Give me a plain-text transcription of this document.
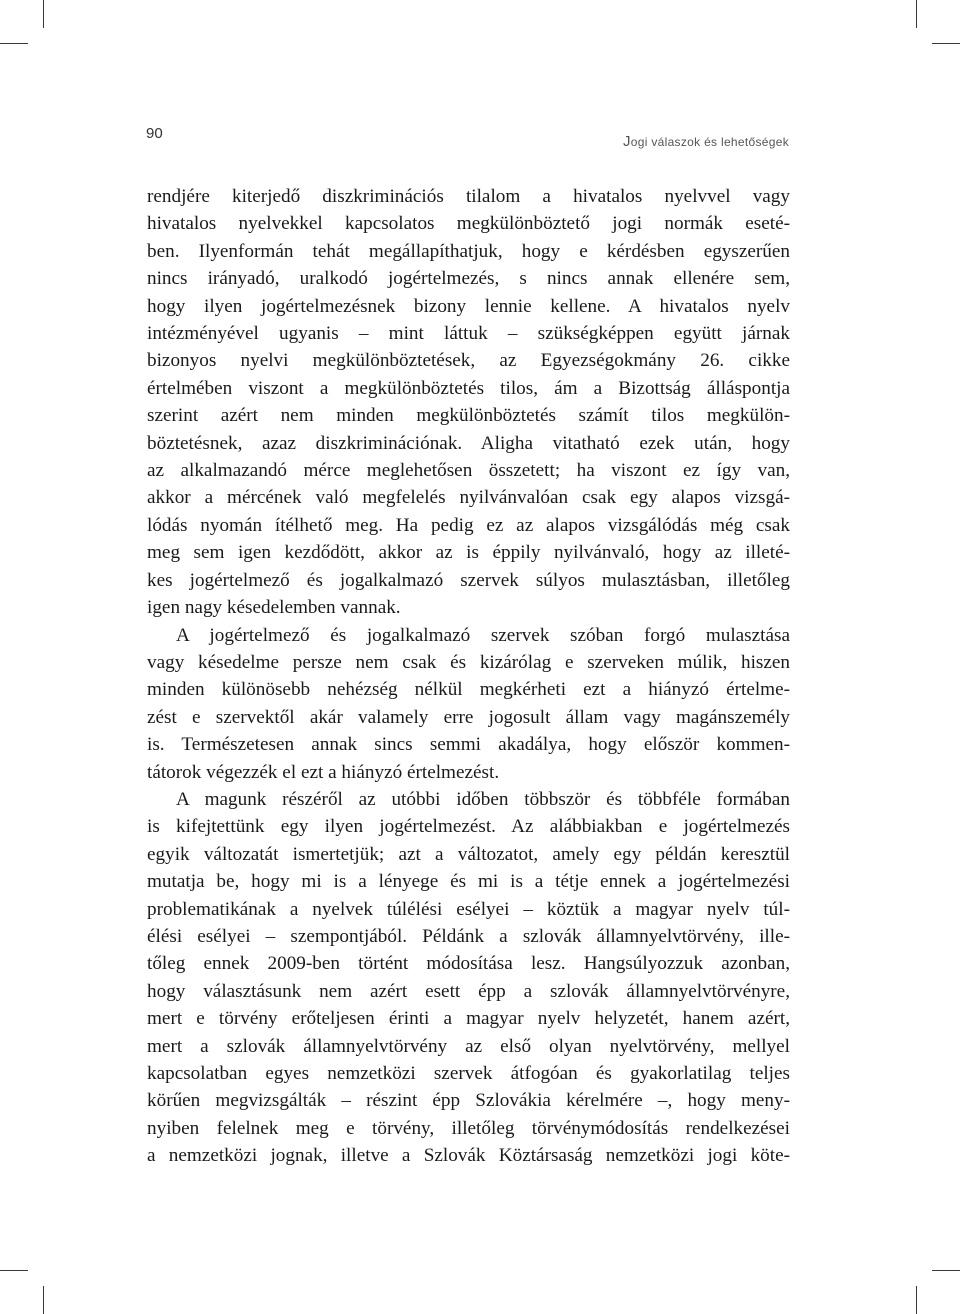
90	Jogi válaszok és lehetőségek
rendjére kiterjedő diszkriminációs tilalom a hivatalos nyelvvel vagy
hivatalos nyelvekkel kapcsolatos megkülönböztető jogi normák eseté-
ben. Ilyenformán tehát megállapíthatjuk, hogy e kérdésben egyszerűen
nincs irányadó, uralkodó jogértelmezés, s nincs annak ellenére sem,
hogy ilyen jogértelmezésnek bizony lennie kellene. A hivatalos nyelv
intézményével ugyanis – mint láttuk – szükségképpen együtt járnak
bizonyos nyelvi megkülönböztetések, az Egyezségokmány 26. cikke
értelmében viszont a megkülönböztetés tilos, ám a Bizottság álláspontja
szerint azért nem minden megkülönböztetés számít tilos megkülön-
böztetésnek, azaz diszkriminációnak. Aligha vitatható ezek után, hogy
az alkalmazandó mérce meglehetősen összetett; ha viszont ez így van,
akkor a mércének való megfelelés nyilvánvalóan csak egy alapos vizsgá-
lódás nyomán ítélhető meg. Ha pedig ez az alapos vizsgálódás még csak
meg sem igen kezdődött, akkor az is éppily nyilvánvaló, hogy az illeté-
kes jogértelmező és jogalkalmazó szervek súlyos mulasztásban, illetőleg
igen nagy késedelemben vannak.
A jogértelmező és jogalkalmazó szervek szóban forgó mulasztása
vagy késedelme persze nem csak és kizárólag e szerveken múlik, hiszen
minden különösebb nehézség nélkül megkérheti ezt a hiányzó értelme-
zést e szervektől akár valamely erre jogosult állam vagy magánszemély
is. Természetesen annak sincs semmi akadálya, hogy először kommen-
tátorok végezzék el ezt a hiányzó értelmezést.
A magunk részéről az utóbbi időben többször és többféle formában
is kifejtettünk egy ilyen jogértelmezést. Az alábbiakban e jogértelmezés
egyik változatát ismertetjük; azt a változatot, amely egy példán keresztül
mutatja be, hogy mi is a lényege és mi is a tétje ennek a jogértelmezési
problematikának a nyelvek túlélési esélyei – köztük a magyar nyelv túl-
élési esélyei – szempontjából. Példánk a szlovák államnyelvtörvény, ille-
tőleg ennek 2009-ben történt módosítása lesz. Hangsúlyozzuk azonban,
hogy választásunk nem azért esett épp a szlovák államnyelvtörvényre,
mert e törvény erőteljesen érinti a magyar nyelv helyzetét, hanem azért,
mert a szlovák államnyelvtörvény az első olyan nyelvtörvény, mellyel
kapcsolatban egyes nemzetközi szervek átfogóan és gyakorlatilag teljes
körűen megvizsgálták – részint épp Szlovákia kérelmére –, hogy meny-
nyiben felelnek meg e törvény, illetőleg törvénymódosítás rendelkezései
a nemzetközi jognak, illetve a Szlovák Köztársaság nemzetközi jogi köte-
